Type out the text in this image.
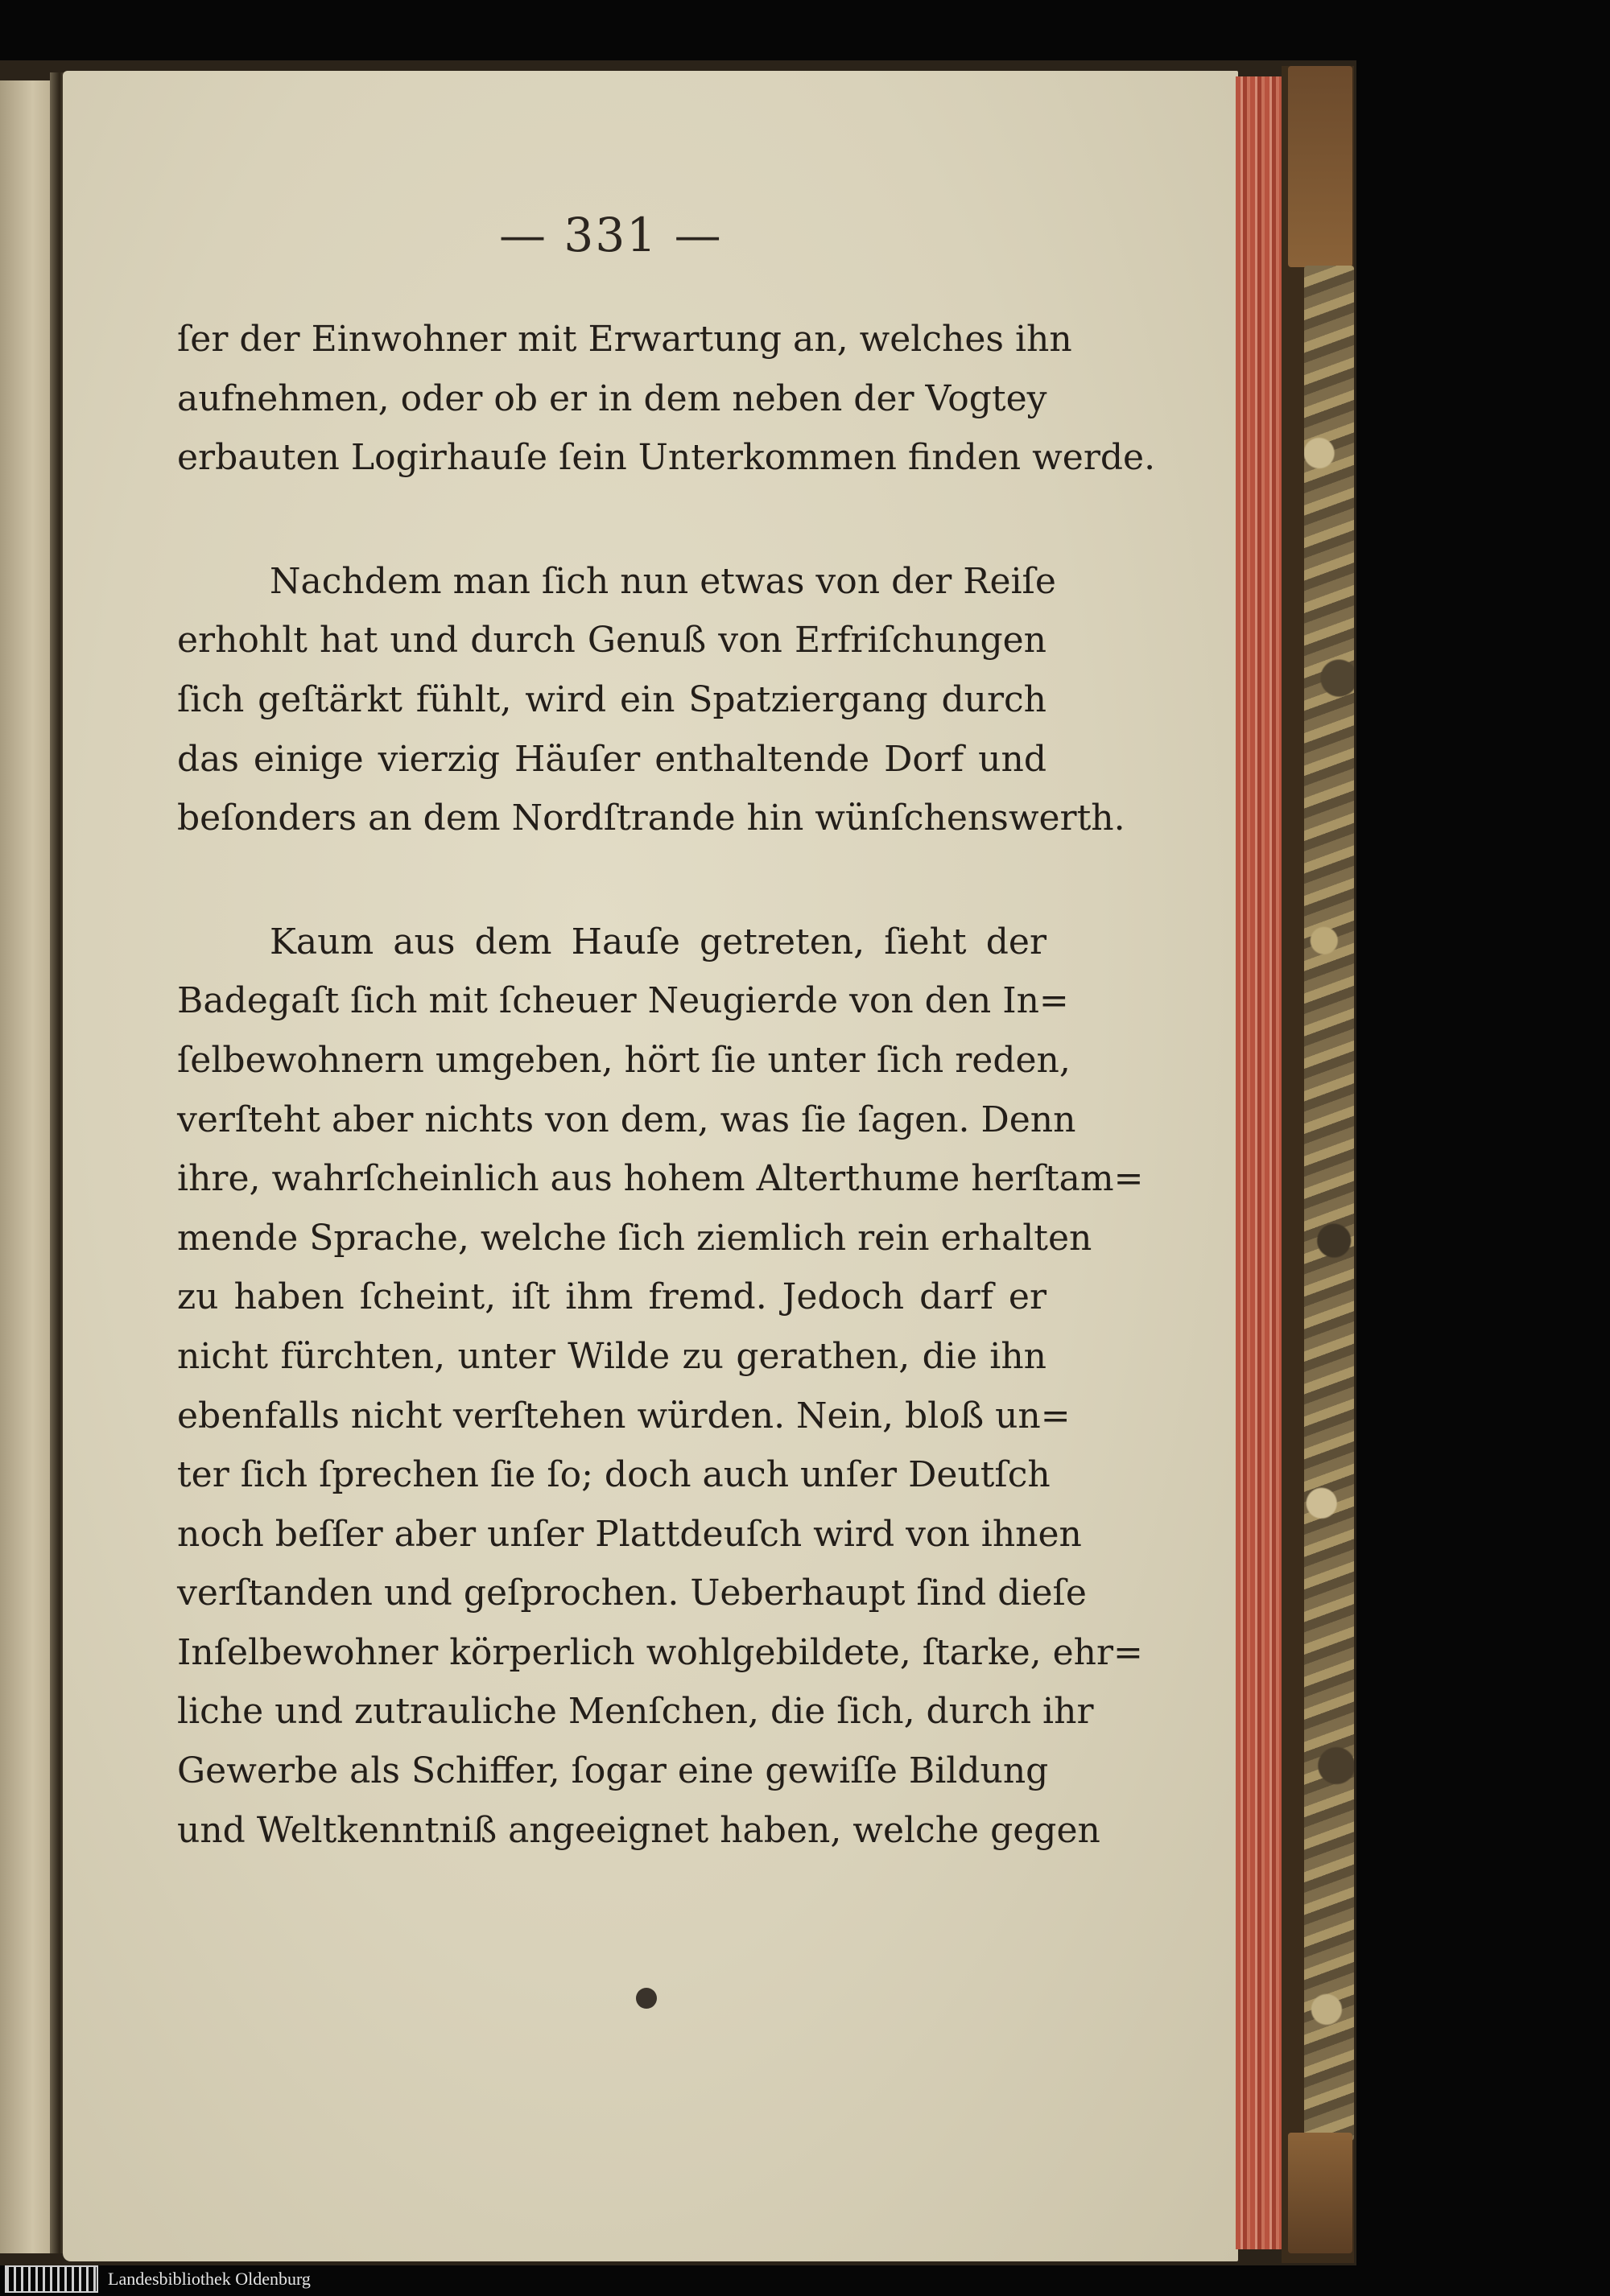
— 331 —
ſer der Einwohner mit Erwartung an, welches ihn
aufnehmen, oder ob er in dem neben der Vogtey
erbauten Logirhauſe ſein Unterkommen finden werde.
Nachdem man ſich nun etwas von der Reiſe
erhohlt hat und durch Genuß von Erfriſchungen
ſich geſtärkt fühlt, wird ein Spatziergang durch
das einige vierzig Häuſer enthaltende Dorf und
beſonders an dem Nordſtrande hin wünſchenswerth.
Kaum aus dem Hauſe getreten, ſieht der
Badegaſt ſich mit ſcheuer Neugierde von den In=
ſelbewohnern umgeben, hört ſie unter ſich reden,
verſteht aber nichts von dem, was ſie ſagen. Denn
ihre, wahrſcheinlich aus hohem Alterthume herſtam=
mende Sprache, welche ſich ziemlich rein erhalten
zu haben ſcheint, iſt ihm fremd. Jedoch darf er
nicht fürchten, unter Wilde zu gerathen, die ihn
ebenfalls nicht verſtehen würden. Nein, bloß un=
ter ſich ſprechen ſie ſo; doch auch unſer Deutſch
noch beſſer aber unſer Plattdeuſch wird von ihnen
verſtanden und geſprochen. Ueberhaupt ſind dieſe
Inſelbewohner körperlich wohlgebildete, ſtarke, ehr=
liche und zutrauliche Menſchen, die ſich, durch ihr
Gewerbe als Schiffer, ſogar eine gewiſſe Bildung
und Weltkenntniß angeeignet haben, welche gegen
Landesbibliothek Oldenburg
